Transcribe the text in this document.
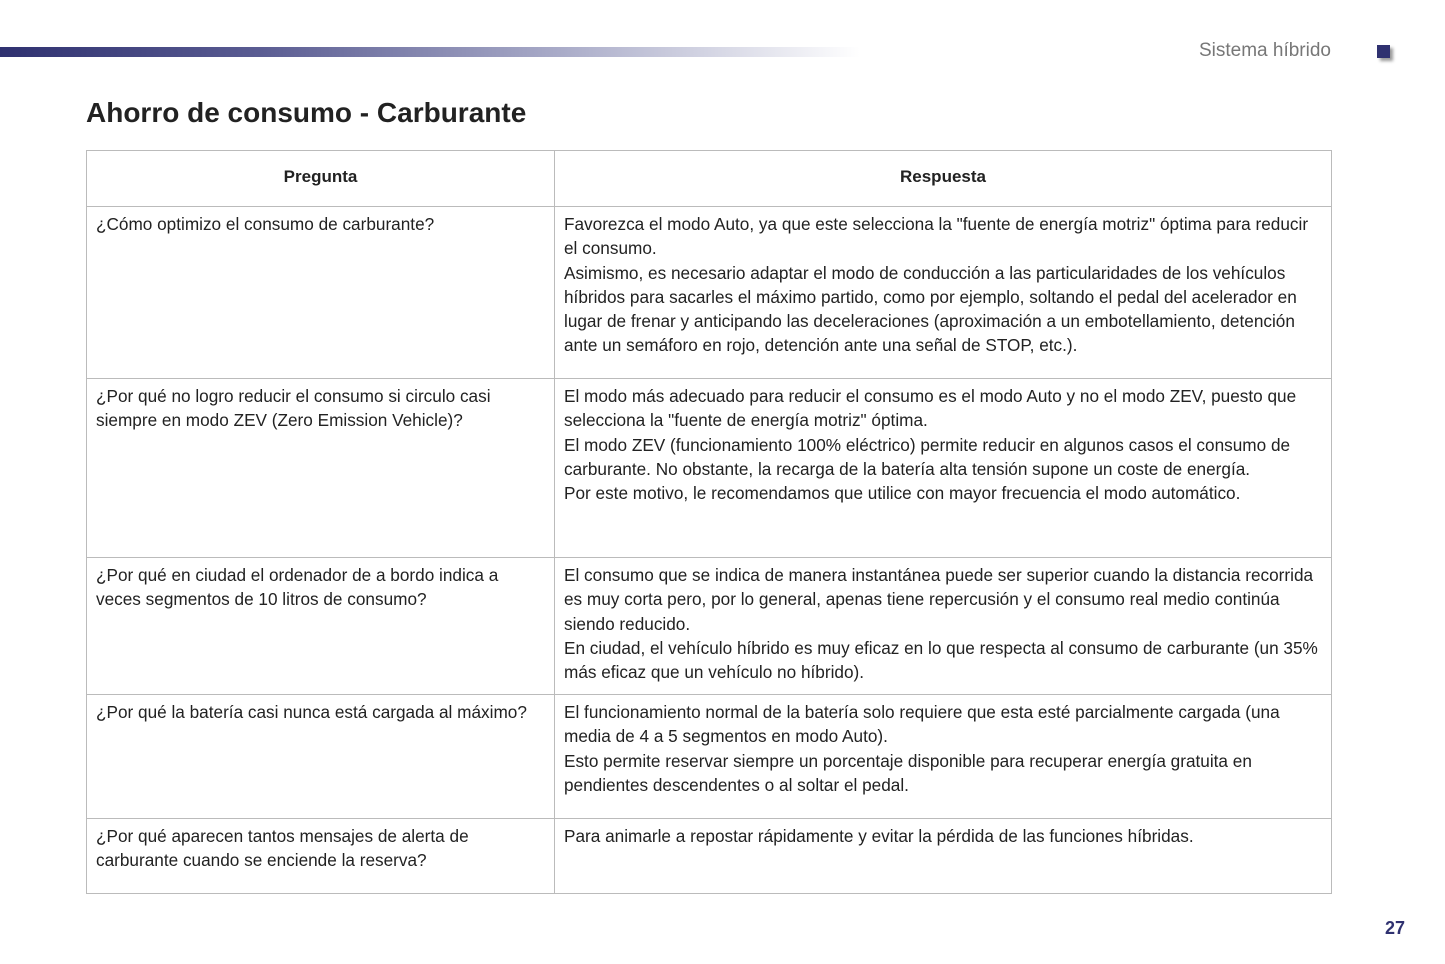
Sistema híbrido
Ahorro de consumo - Carburante
Pregunta	Respuesta
¿Cómo optimizo el consumo de carburante?	Favorezca el modo Auto, ya que este selecciona la "fuente de energía motriz" óptima para reducir el consumo.
Asimismo, es necesario adaptar el modo de conducción a las particularidades de los vehículos híbridos para sacarles el máximo partido, como por ejemplo, soltando el pedal del acelerador en lugar de frenar y anticipando las deceleraciones (aproximación a un embotellamiento, detención ante un semáforo en rojo, detención ante una señal de STOP, etc.).
¿Por qué no logro reducir el consumo si circulo casi siempre en modo ZEV (Zero Emission Vehicle)?	El modo más adecuado para reducir el consumo es el modo Auto y no el modo ZEV, puesto que selecciona la "fuente de energía motriz" óptima.
El modo ZEV (funcionamiento 100% eléctrico) permite reducir en algunos casos el consumo de carburante. No obstante, la recarga de la batería alta tensión supone un coste de energía.
Por este motivo, le recomendamos que utilice con mayor frecuencia el modo automático.
¿Por qué en ciudad el ordenador de a bordo indica a veces segmentos de 10 litros de consumo?	El consumo que se indica de manera instantánea puede ser superior cuando la distancia recorrida es muy corta pero, por lo general, apenas tiene repercusión y el consumo real medio continúa siendo reducido.
En ciudad, el vehículo híbrido es muy eficaz en lo que respecta al consumo de carburante (un 35% más eficaz que un vehículo no híbrido).
¿Por qué la batería casi nunca está cargada al máximo?	El funcionamiento normal de la batería solo requiere que esta esté parcialmente cargada (una media de 4 a 5 segmentos en modo Auto).
Esto permite reservar siempre un porcentaje disponible para recuperar energía gratuita en pendientes descendentes o al soltar el pedal.
¿Por qué aparecen tantos mensajes de alerta de carburante cuando se enciende la reserva?	Para animarle a repostar rápidamente y evitar la pérdida de las funciones híbridas.
27
